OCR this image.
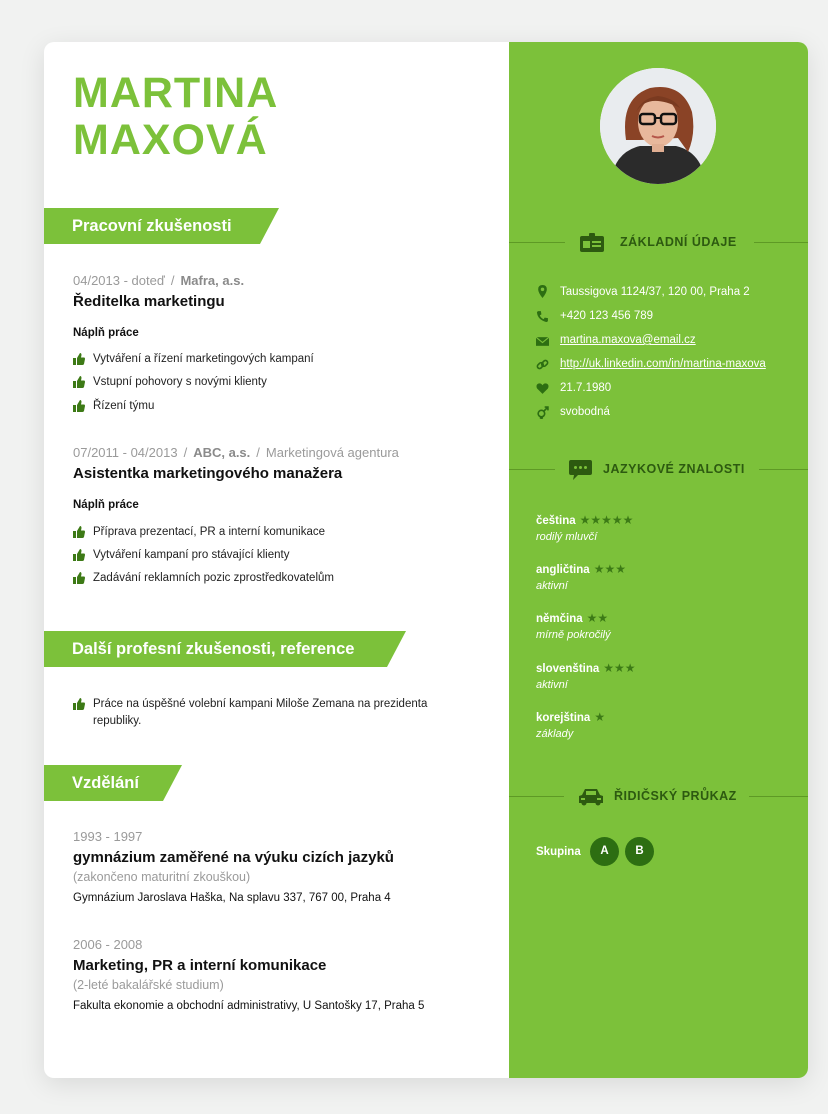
MARTINA
MAXOVÁ
Pracovní zkušenosti
04/2013 - doteď / Mafra, a.s.
Ředitelka marketingu
Náplň práce
Vytváření a řízení marketingových kampaní
Vstupní pohovory s novými klienty
Řízení týmu
07/2011 - 04/2013 / ABC, a.s. / Marketingová agentura
Asistentka marketingového manažera
Náplň práce
Příprava prezentací, PR a interní komunikace
Vytváření kampaní pro stávající klienty
Zadávání reklamních pozic zprostředkovatelům
Další profesní zkušenosti, reference
Práce na úspěšné volební kampani Miloše Zemana na prezidenta
republiky.
Vzdělání
1993 - 1997
gymnázium zaměřené na výuku cizích jazyků
(zakončeno maturitní zkouškou)
Gymnázium Jaroslava Haška, Na splavu 337, 767 00, Praha 4
2006 - 2008
Marketing, PR a interní komunikace
(2-leté bakalářské studium)
Fakulta ekonomie a obchodní administrativy, U Santošky 17, Praha 5
ZÁKLADNÍ ÚDAJE
Taussigova 1124/37, 120 00, Praha 2
+420 123 456 789
martina.maxova@email.cz
http://uk.linkedin.com/in/martina-maxova
21.7.1980
svobodná
JAZYKOVÉ ZNALOSTI
čeština ★★★★★
rodilý mluvčí
angličtina ★★★
aktivní
němčina ★★
mírně pokročilý
slovenština ★★★
aktivní
korejština ★
základy
ŘIDIČSKÝ PRŮKAZ
Skupina	A	B
